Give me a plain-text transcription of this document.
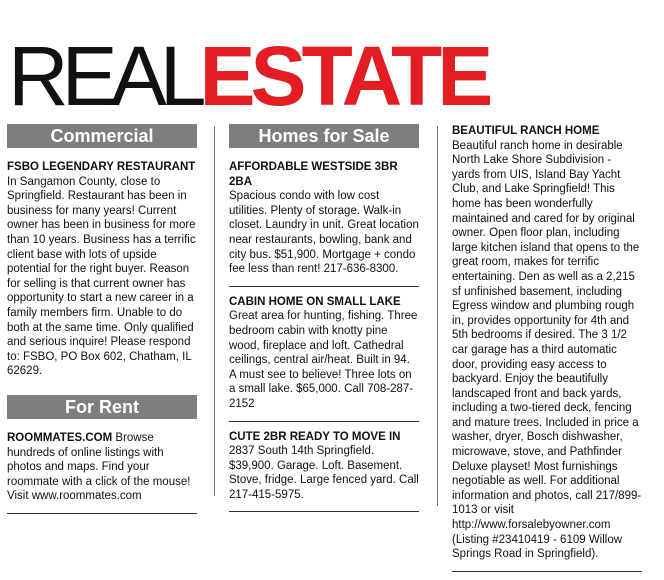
REALESTATE
Commercial
FSBO LEGENDARY RESTAURANT In Sangamon County, close to Springfield. Restaurant has been in business for many years! Current owner has been in business for more than 10 years. Business has a terrific client base with lots of upside potential for the right buyer. Reason for selling is that current owner has opportunity to start a new career in a family members firm. Unable to do both at the same time. Only qualified and serious inquire! Please respond to: FSBO, PO Box 602, Chatham, IL 62629.
For Rent
ROOMMATES.COM Browse hundreds of online listings with photos and maps. Find your roommate with a click of the mouse! Visit www.roommates.com
Homes for Sale
AFFORDABLE WESTSIDE 3BR 2BA
Spacious condo with low cost utilities. Plenty of storage. Walk-in closet. Laundry in unit. Great location near restaurants, bowling, bank and city bus. $51,900. Mortgage + condo fee less than rent! 217-636-8300.
CABIN HOME ON SMALL LAKE Great area for hunting, fishing. Three bedroom cabin with knotty pine wood, fireplace and loft. Cathedral ceilings, central air/heat. Built in 94. A must see to believe! Three lots on a small lake. $65,000. Call 708-287-2152
CUTE 2BR READY TO MOVE IN 2837 South 14th Springfield. $39,900. Garage. Loft. Basement. Stove, fridge. Large fenced yard. Call 217-415-5975.
BEAUTIFUL RANCH HOME Beautiful ranch home in desirable North Lake Shore Subdivision - yards from UIS, Island Bay Yacht Club, and Lake Springfield! This home has been wonderfully maintained and cared for by original owner. Open floor plan, including large kitchen island that opens to the great room, makes for terrific entertaining. Den as well as a 2,215 sf unfinished basement, including Egress window and plumbing rough in, provides opportunity for 4th and 5th bedrooms if desired. The 3 1/2 car garage has a third automatic door, providing easy access to backyard. Enjoy the beautifully landscaped front and back yards, including a two-tiered deck, fencing and mature trees. Included in price a washer, dryer, Bosch dishwasher, microwave, stove, and Pathfinder Deluxe playset! Most furnishings negotiable as well. For additional information and photos, call 217/899-1013 or visit http://www.forsalebyowner.com (Listing #23410419 - 6109 Willow Springs Road in Springfield).
